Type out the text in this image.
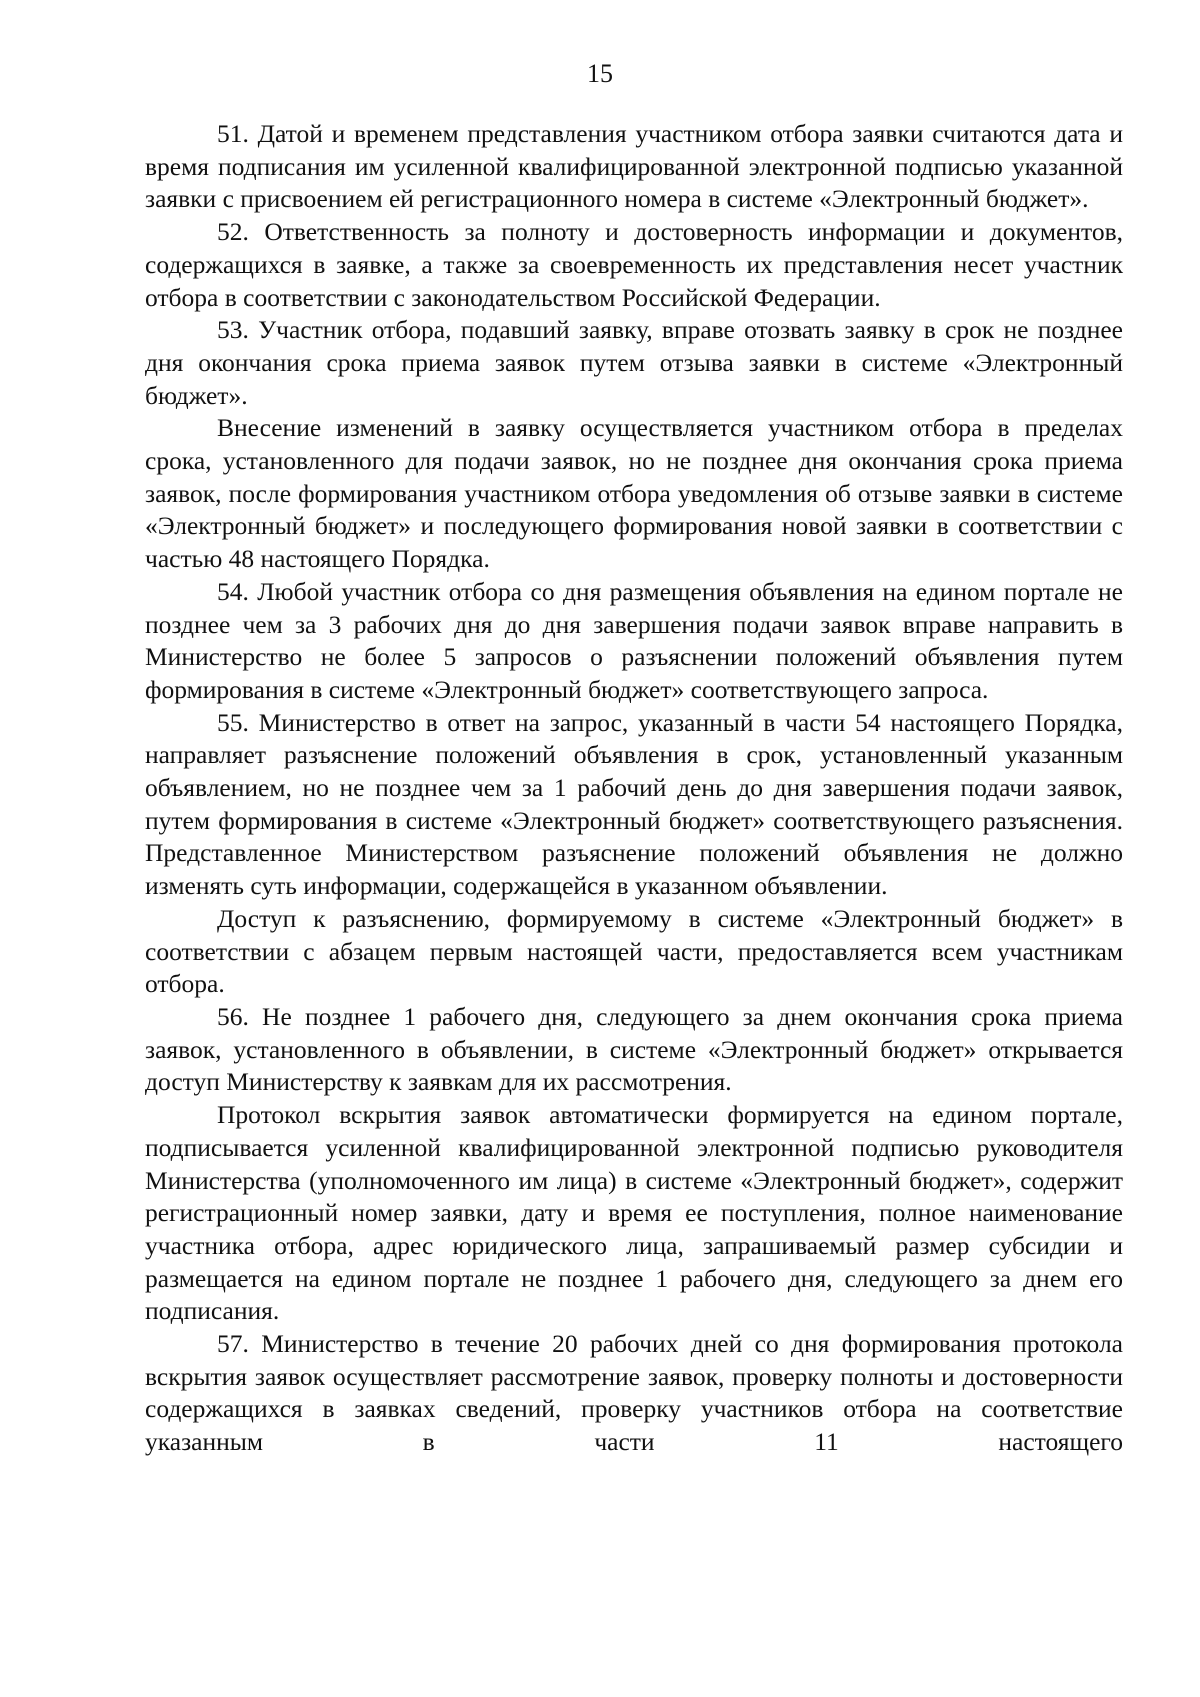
15

51. Датой и временем представления участником отбора заявки считаются дата и время подписания им усиленной квалифицированной электронной подписью указанной заявки с присвоением ей регистрационного номера в системе «Электронный бюджет».

52. Ответственность за полноту и достоверность информации и документов, содержащихся в заявке, а также за своевременность их представления несет участник отбора в соответствии с законодательством Российской Федерации.

53. Участник отбора, подавший заявку, вправе отозвать заявку в срок не позднее дня окончания срока приема заявок путем отзыва заявки в системе «Электронный бюджет».

Внесение изменений в заявку осуществляется участником отбора в пределах срока, установленного для подачи заявок, но не позднее дня окончания срока приема заявок, после формирования участником отбора уведомления об отзыве заявки в системе «Электронный бюджет» и последующего формирования новой заявки в соответствии с частью 48 настоящего Порядка.

54. Любой участник отбора со дня размещения объявления на едином портале не позднее чем за 3 рабочих дня до дня завершения подачи заявок вправе направить в Министерство не более 5 запросов о разъяснении положений объявления путем формирования в системе «Электронный бюджет» соответствующего запроса.

55. Министерство в ответ на запрос, указанный в части 54 настоящего Порядка, направляет разъяснение положений объявления в срок, установленный указанным объявлением, но не позднее чем за 1 рабочий день до дня завершения подачи заявок, путем формирования в системе «Электронный бюджет» соответствующего разъяснения. Представленное Министерством разъяснение положений объявления не должно изменять суть информации, содержащейся в указанном объявлении.

Доступ к разъяснению, формируемому в системе «Электронный бюджет» в соответствии с абзацем первым настоящей части, предоставляется всем участникам отбора.

56. Не позднее 1 рабочего дня, следующего за днем окончания срока приема заявок, установленного в объявлении, в системе «Электронный бюджет» открывается доступ Министерству к заявкам для их рассмотрения.

Протокол вскрытия заявок автоматически формируется на едином портале, подписывается усиленной квалифицированной электронной подписью руководителя Министерства (уполномоченного им лица) в системе «Электронный бюджет», содержит регистрационный номер заявки, дату и время ее поступления, полное наименование участника отбора, адрес юридического лица, запрашиваемый размер субсидии и размещается на едином портале не позднее 1 рабочего дня, следующего за днем его подписания.

57. Министерство в течение 20 рабочих дней со дня формирования протокола вскрытия заявок осуществляет рассмотрение заявок, проверку полноты и достоверности содержащихся в заявках сведений, проверку участников отбора на соответствие указанным в части 11 настоящего
